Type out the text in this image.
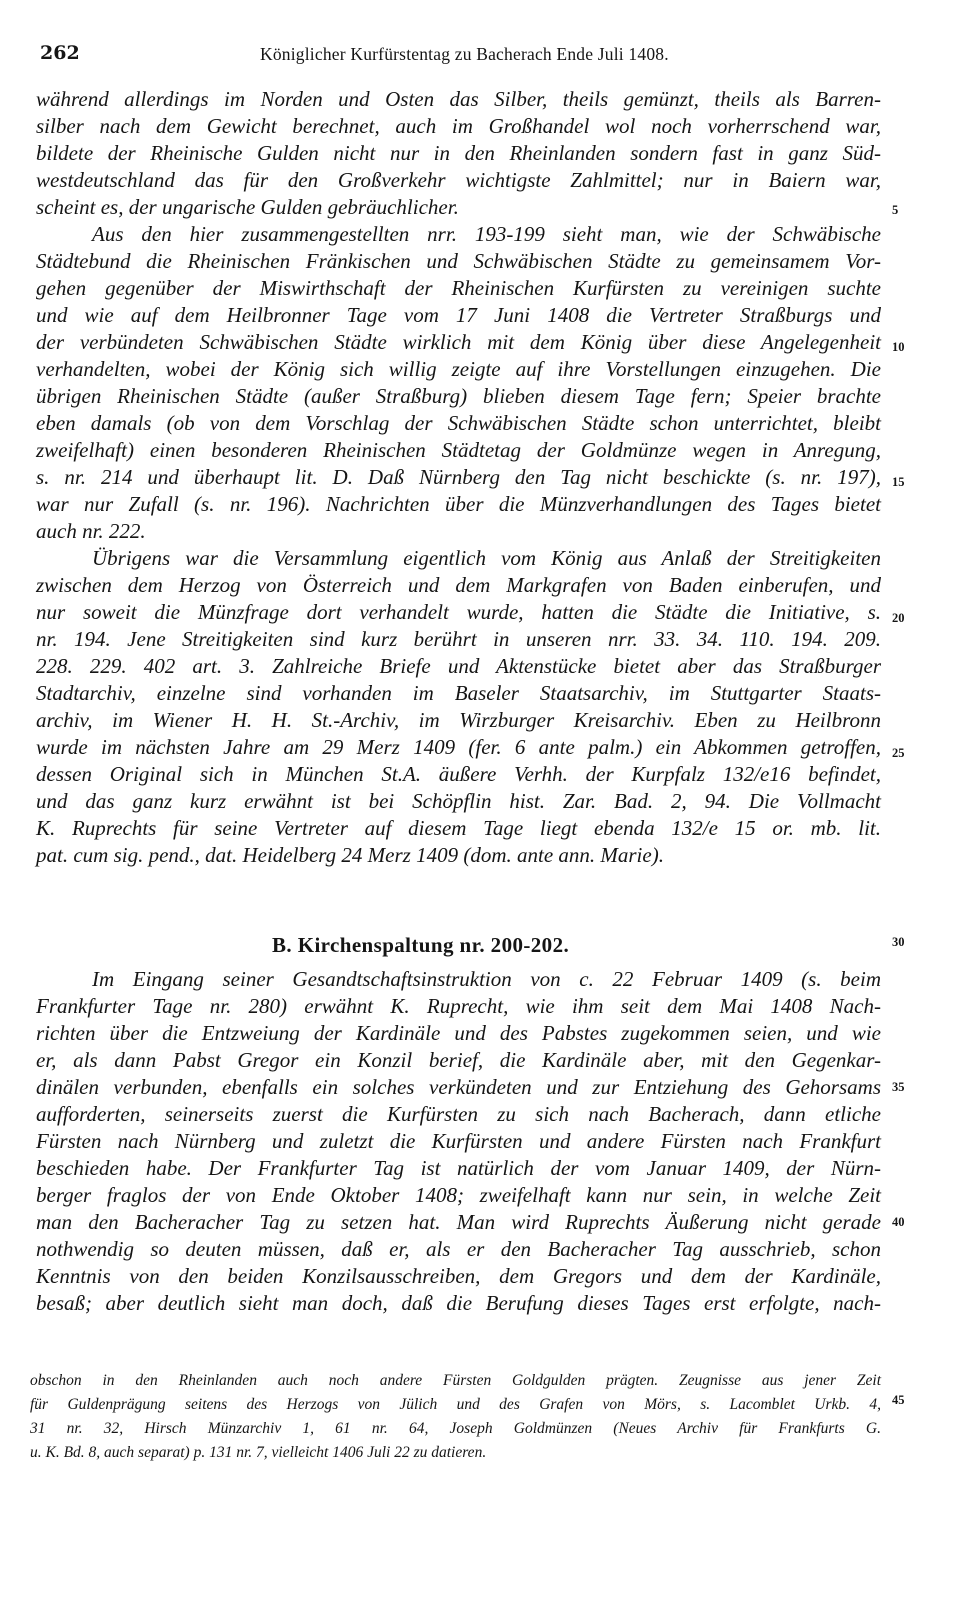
262	Königlicher Kurfürstentag zu Bacherach Ende Juli 1408.
während allerdings im Norden und Osten das Silber, theils gemünzt, theils als Barren-
silber nach dem Gewicht berechnet, auch im Großhandel wol noch vorherrschend war,
bildete der Rheinische Gulden nicht nur in den Rheinlanden sondern fast in ganz Süd-
westdeutschland das für den Großverkehr wichtigste Zahlmittel; nur in Baiern war,
scheint es, der ungarische Gulden gebräuchlicher.
Aus den hier zusammengestellten nrr. 193-199 sieht man, wie der Schwäbische
Städtebund die Rheinischen Fränkischen und Schwäbischen Städte zu gemeinsamem Vor-
gehen gegenüber der Miswirthschaft der Rheinischen Kurfürsten zu vereinigen suchte
und wie auf dem Heilbronner Tage vom 17 Juni 1408 die Vertreter Straßburgs und
der verbündeten Schwäbischen Städte wirklich mit dem König über diese Angelegenheit
verhandelten, wobei der König sich willig zeigte auf ihre Vorstellungen einzugehen. Die
übrigen Rheinischen Städte (außer Straßburg) blieben diesem Tage fern; Speier brachte
eben damals (ob von dem Vorschlag der Schwäbischen Städte schon unterrichtet, bleibt
zweifelhaft) einen besonderen Rheinischen Städtetag der Goldmünze wegen in Anregung,
s. nr. 214 und überhaupt lit. D. Daß Nürnberg den Tag nicht beschickte (s. nr. 197),
war nur Zufall (s. nr. 196). Nachrichten über die Münzverhandlungen des Tages bietet
auch nr. 222.
Übrigens war die Versammlung eigentlich vom König aus Anlaß der Streitigkeiten
zwischen dem Herzog von Österreich und dem Markgrafen von Baden einberufen, und
nur soweit die Münzfrage dort verhandelt wurde, hatten die Städte die Initiative, s.
nr. 194. Jene Streitigkeiten sind kurz berührt in unseren nrr. 33. 34. 110. 194. 209.
228. 229. 402 art. 3. Zahlreiche Briefe und Aktenstücke bietet aber das Straßburger
Stadtarchiv, einzelne sind vorhanden im Baseler Staatsarchiv, im Stuttgarter Staats-
archiv, im Wiener H. H. St.-Archiv, im Wirzburger Kreisarchiv. Eben zu Heilbronn
wurde im nächsten Jahre am 29 Merz 1409 (fer. 6 ante palm.) ein Abkommen getroffen,
dessen Original sich in München St.A. äußere Verhh. der Kurpfalz 132/e16 befindet,
und das ganz kurz erwähnt ist bei Schöpflin hist. Zar. Bad. 2, 94. Die Vollmacht
K. Ruprechts für seine Vertreter auf diesem Tage liegt ebenda 132/e 15 or. mb. lit.
pat. cum sig. pend., dat. Heidelberg 24 Merz 1409 (dom. ante ann. Marie).
B. Kirchenspaltung nr. 200-202.
Im Eingang seiner Gesandtschaftsinstruktion von c. 22 Februar 1409 (s. beim
Frankfurter Tage nr. 280) erwähnt K. Ruprecht, wie ihm seit dem Mai 1408 Nach-
richten über die Entzweiung der Kardinäle und des Pabstes zugekommen seien, und wie
er, als dann Pabst Gregor ein Konzil berief, die Kardinäle aber, mit den Gegenkar-
dinälen verbunden, ebenfalls ein solches verkündeten und zur Entziehung des Gehorsams
aufforderten, seinerseits zuerst die Kurfürsten zu sich nach Bacherach, dann etliche
Fürsten nach Nürnberg und zuletzt die Kurfürsten und andere Fürsten nach Frankfurt
beschieden habe. Der Frankfurter Tag ist natürlich der vom Januar 1409, der Nürn-
berger fraglos der von Ende Oktober 1408; zweifelhaft kann nur sein, in welche Zeit
man den Bacheracher Tag zu setzen hat. Man wird Ruprechts Äußerung nicht gerade
nothwendig so deuten müssen, daß er, als er den Bacheracher Tag ausschrieb, schon
Kenntnis von den beiden Konzilsausschreiben, dem Gregors und dem der Kardinäle,
besaß; aber deutlich sieht man doch, daß die Berufung dieses Tages erst erfolgte, nach-
obschon in den Rheinlanden auch noch andere Fürsten Goldgulden prägten. Zeugnisse aus jener Zeit
für Guldenprägung seitens des Herzogs von Jülich und des Grafen von Mörs, s. Lacomblet Urkb. 4,
31 nr. 32, Hirsch Münzarchiv 1, 61 nr. 64, Joseph Goldmünzen (Neues Archiv für Frankfurts G.
u. K. Bd. 8, auch separat) p. 131 nr. 7, vielleicht 1406 Juli 22 zu datieren.
5
10
15
20
25
30
35
40
45
